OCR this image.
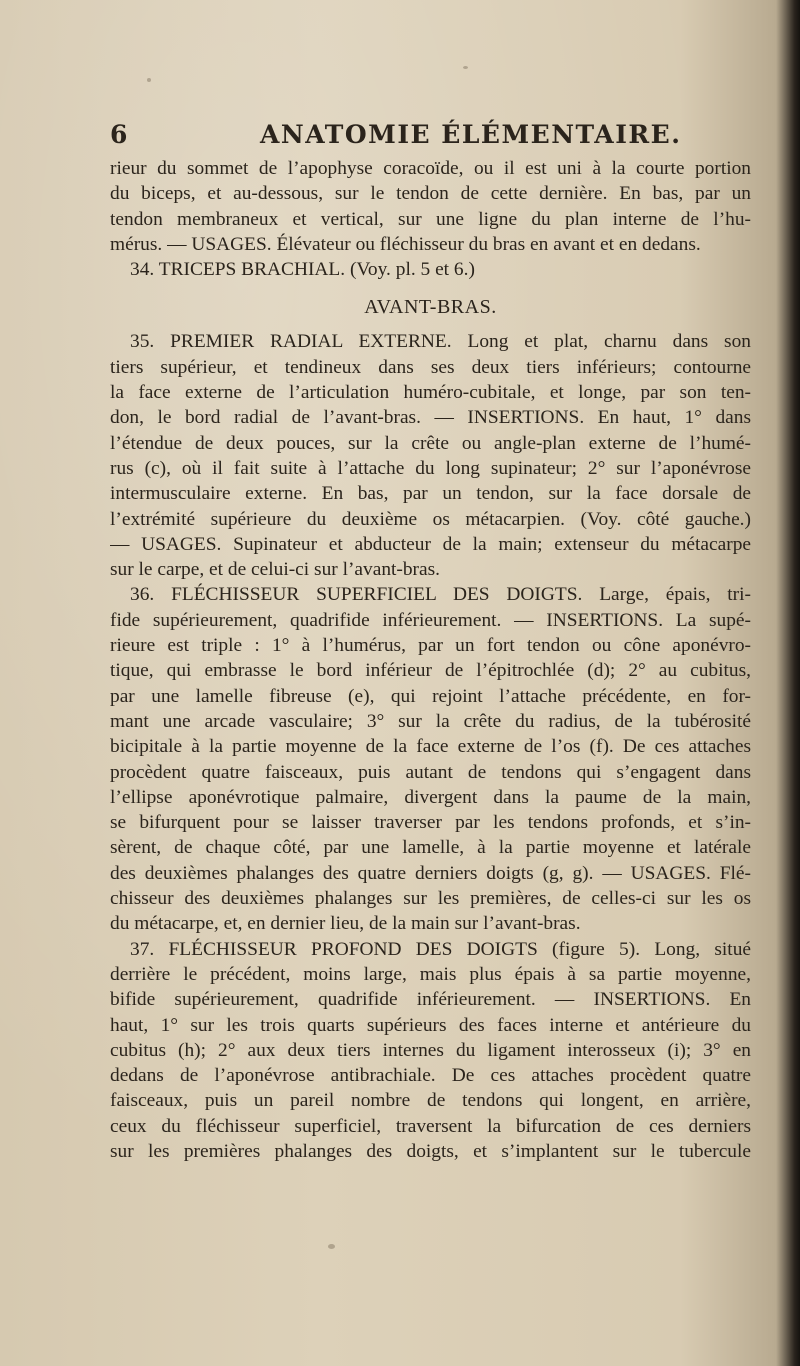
6	ANATOMIE ÉLÉMENTAIRE.
rieur du sommet de l’apophyse coracoïde, ou il est uni à la courte portion
du biceps, et au-dessous, sur le tendon de cette dernière. En bas, par un
tendon membraneux et vertical, sur une ligne du plan interne de l’hu-
mérus. — USAGES. Élévateur ou fléchisseur du bras en avant et en dedans.
34. TRICEPS BRACHIAL. (Voy. pl. 5 et 6.)
AVANT-BRAS.
35. PREMIER RADIAL EXTERNE. Long et plat, charnu dans son
tiers supérieur, et tendineux dans ses deux tiers inférieurs; contourne
la face externe de l’articulation huméro-cubitale, et longe, par son ten-
don, le bord radial de l’avant-bras. — INSERTIONS. En haut, 1° dans
l’étendue de deux pouces, sur la crête ou angle-plan externe de l’humé-
rus (c), où il fait suite à l’attache du long supinateur; 2° sur l’aponévrose
intermusculaire externe. En bas, par un tendon, sur la face dorsale de
l’extrémité supérieure du deuxième os métacarpien. (Voy. côté gauche.)
— USAGES. Supinateur et abducteur de la main; extenseur du métacarpe
sur le carpe, et de celui-ci sur l’avant-bras.
36. FLÉCHISSEUR SUPERFICIEL DES DOIGTS. Large, épais, tri-
fide supérieurement, quadrifide inférieurement. — INSERTIONS. La supé-
rieure est triple : 1° à l’humérus, par un fort tendon ou cône aponévro-
tique, qui embrasse le bord inférieur de l’épitrochlée (d); 2° au cubitus,
par une lamelle fibreuse (e), qui rejoint l’attache précédente, en for-
mant une arcade vasculaire; 3° sur la crête du radius, de la tubérosité
bicipitale à la partie moyenne de la face externe de l’os (f). De ces attaches
procèdent quatre faisceaux, puis autant de tendons qui s’engagent dans
l’ellipse aponévrotique palmaire, divergent dans la paume de la main,
se bifurquent pour se laisser traverser par les tendons profonds, et s’in-
sèrent, de chaque côté, par une lamelle, à la partie moyenne et latérale
des deuxièmes phalanges des quatre derniers doigts (g, g). — USAGES. Flé-
chisseur des deuxièmes phalanges sur les premières, de celles-ci sur les os
du métacarpe, et, en dernier lieu, de la main sur l’avant-bras.
37. FLÉCHISSEUR PROFOND DES DOIGTS (figure 5). Long, situé
derrière le précédent, moins large, mais plus épais à sa partie moyenne,
bifide supérieurement, quadrifide inférieurement. — INSERTIONS. En
haut, 1° sur les trois quarts supérieurs des faces interne et antérieure du
cubitus (h); 2° aux deux tiers internes du ligament interosseux (i); 3° en
dedans de l’aponévrose antibrachiale. De ces attaches procèdent quatre
faisceaux, puis un pareil nombre de tendons qui longent, en arrière,
ceux du fléchisseur superficiel, traversent la bifurcation de ces derniers
sur les premières phalanges des doigts, et s’implantent sur le tubercule
